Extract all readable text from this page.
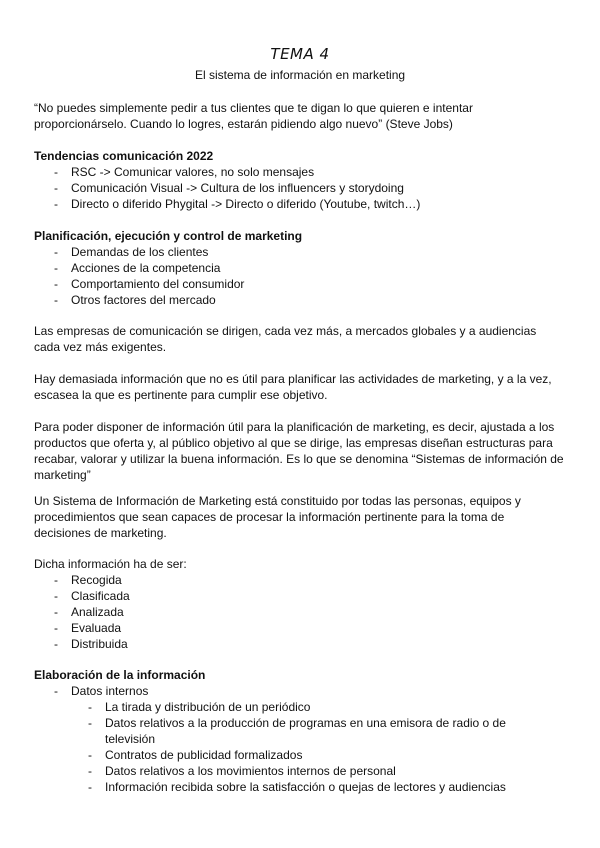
TEMA 4
El sistema de información en marketing

“No puedes simplemente pedir a tus clientes que te digan lo que quieren e intentar proporcionárselo. Cuando lo logres, estarán pidiendo algo nuevo” (Steve Jobs)

Tendencias comunicación 2022
- RSC -> Comunicar valores, no solo mensajes
- Comunicación Visual -> Cultura de los influencers y storydoing
- Directo o diferido Phygital -> Directo o diferido (Youtube, twitch…)
Planificación, ejecución y control de marketing
- Demandas de los clientes
- Acciones de la competencia
- Comportamiento del consumidor
- Otros factores del mercado

Las empresas de comunicación se dirigen, cada vez más, a mercados globales y a audiencias cada vez más exigentes.

Hay demasiada información que no es útil para planificar las actividades de marketing, y a la vez, escasea la que es pertinente para cumplir ese objetivo.

Para poder disponer de información útil para la planificación de marketing, es decir, ajustada a los productos que oferta y, al público objetivo al que se dirige, las empresas diseñan estructuras para recabar, valorar y utilizar la buena información. Es lo que se denomina “Sistemas de información de marketing”

Un Sistema de Información de Marketing está constituido por todas las personas, equipos y procedimientos que sean capaces de procesar la información pertinente para la toma de decisiones de marketing.

Dicha información ha de ser:

- Recogida
- Clasificada
- Analizada
- Evaluada
- Distribuida
Elaboración de la información
- Datos internos
- La tirada y distribución de un periódico
- Datos relativos a la producción de programas en una emisora de radio o de televisión
- Contratos de publicidad formalizados
- Datos relativos a los movimientos internos de personal
- Información recibida sobre la satisfacción o quejas de lectores y audiencias
